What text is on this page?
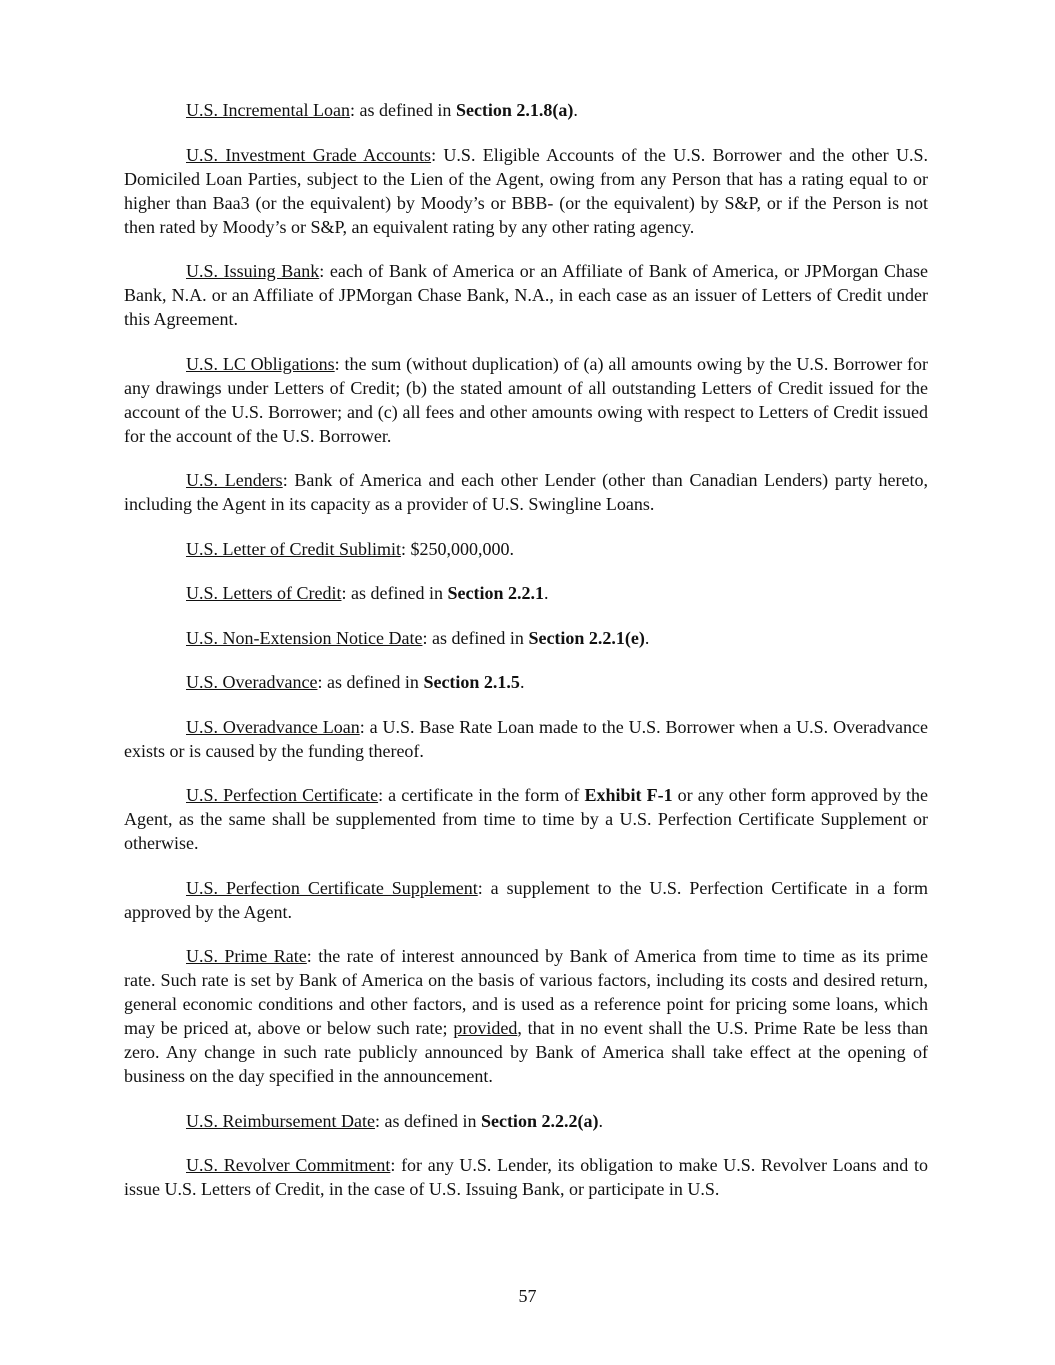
U.S. Incremental Loan: as defined in Section 2.1.8(a).

U.S. Investment Grade Accounts: U.S. Eligible Accounts of the U.S. Borrower and the other U.S. Domiciled Loan Parties, subject to the Lien of the Agent, owing from any Person that has a rating equal to or higher than Baa3 (or the equivalent) by Moody’s or BBB- (or the equivalent) by S&P, or if the Person is not then rated by Moody’s or S&P, an equivalent rating by any other rating agency.

U.S. Issuing Bank: each of Bank of America or an Affiliate of Bank of America, or JPMorgan Chase Bank, N.A. or an Affiliate of JPMorgan Chase Bank, N.A., in each case as an issuer of Letters of Credit under this Agreement.

U.S. LC Obligations: the sum (without duplication) of (a) all amounts owing by the U.S. Borrower for any drawings under Letters of Credit; (b) the stated amount of all outstanding Letters of Credit issued for the account of the U.S. Borrower; and (c) all fees and other amounts owing with respect to Letters of Credit issued for the account of the U.S. Borrower.

U.S. Lenders: Bank of America and each other Lender (other than Canadian Lenders) party hereto, including the Agent in its capacity as a provider of U.S. Swingline Loans.

U.S. Letter of Credit Sublimit: $250,000,000.

U.S. Letters of Credit: as defined in Section 2.2.1.

U.S. Non-Extension Notice Date: as defined in Section 2.2.1(e).

U.S. Overadvance: as defined in Section 2.1.5.

U.S. Overadvance Loan: a U.S. Base Rate Loan made to the U.S. Borrower when a U.S. Overadvance exists or is caused by the funding thereof.

U.S. Perfection Certificate: a certificate in the form of Exhibit F-1 or any other form approved by the Agent, as the same shall be supplemented from time to time by a U.S. Perfection Certificate Supplement or otherwise.

U.S. Perfection Certificate Supplement: a supplement to the U.S. Perfection Certificate in a form approved by the Agent.

U.S. Prime Rate: the rate of interest announced by Bank of America from time to time as its prime rate. Such rate is set by Bank of America on the basis of various factors, including its costs and desired return, general economic conditions and other factors, and is used as a reference point for pricing some loans, which may be priced at, above or below such rate; provided, that in no event shall the U.S. Prime Rate be less than zero. Any change in such rate publicly announced by Bank of America shall take effect at the opening of business on the day specified in the announcement.

U.S. Reimbursement Date: as defined in Section 2.2.2(a).

U.S. Revolver Commitment: for any U.S. Lender, its obligation to make U.S. Revolver Loans and to issue U.S. Letters of Credit, in the case of U.S. Issuing Bank, or participate in U.S.

57
